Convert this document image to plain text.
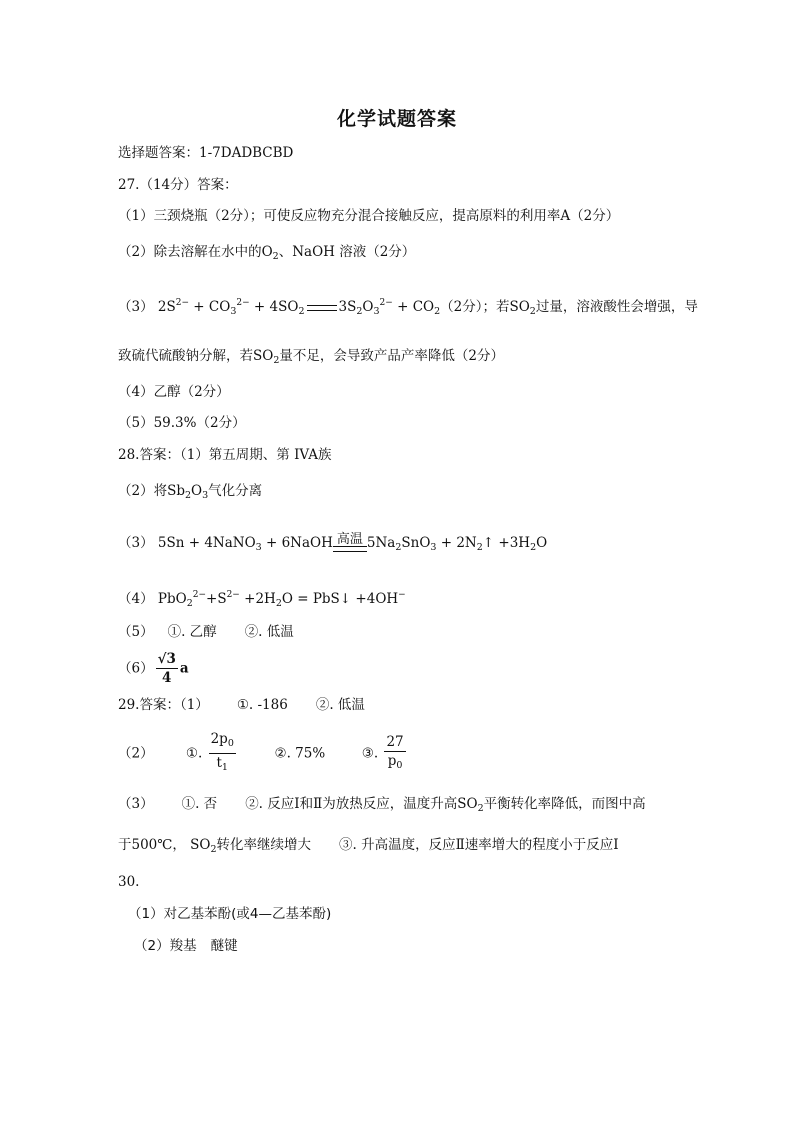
化学试题答案
选择题答案：1-7DADBCBD
27.（14分）答案：
（1）三颈烧瓶（2分）；可使反应物充分混合接触反应，提高原料的利用率A（2分）
（2）除去溶解在水中的$O_2$、NaOH 溶液（2分）
（3） $2S^{2-} + CO_3^{2-} + 4SO_2$	$3S_2O_3^{2-} + CO_2(2$分）；若$SO_2$过量，溶液酸性会增强，导
致硫代硫酸钠分解，若$SO_2$量不足，会导致产品产率降低（2分）
（4）乙醇（2分）
（5）59.3%（2分）
28.答案：（1）第五周期、第 IVA族
（2）将$Sb_2O_3$气化分离
（3） 5Sn + 4NaNO$_3$ + 6NaOH 高温 $5Na_2SnO_3$ + $2N_2↑ +3H_2O$
（4） $PbO_2^{2-}+S^{2-} +2H_2O$ = PbS↓ +4OH−
（5） ①. 乙醇 ②. 低温
$(6) \frac{√3}{4}$ a
29.答案：（1） ①. -186 ②. 低温
（2） ①. $\frac{2p_0}{t_1}$	②. 75%	③. $\frac{27}{p_0}$
（3） ①. 否 ②. 反应Ⅰ和Ⅱ为放热反应，温度升高$SO_2$平衡转化率降低，而图中高
于500℃， $SO_2$转化率继续增大 ③. 升高温度，反应Ⅱ速率增大的程度小于反应Ⅰ
30.
（1）对乙基苯酚(或4—乙基苯酚)
（2）羧基 醚键
